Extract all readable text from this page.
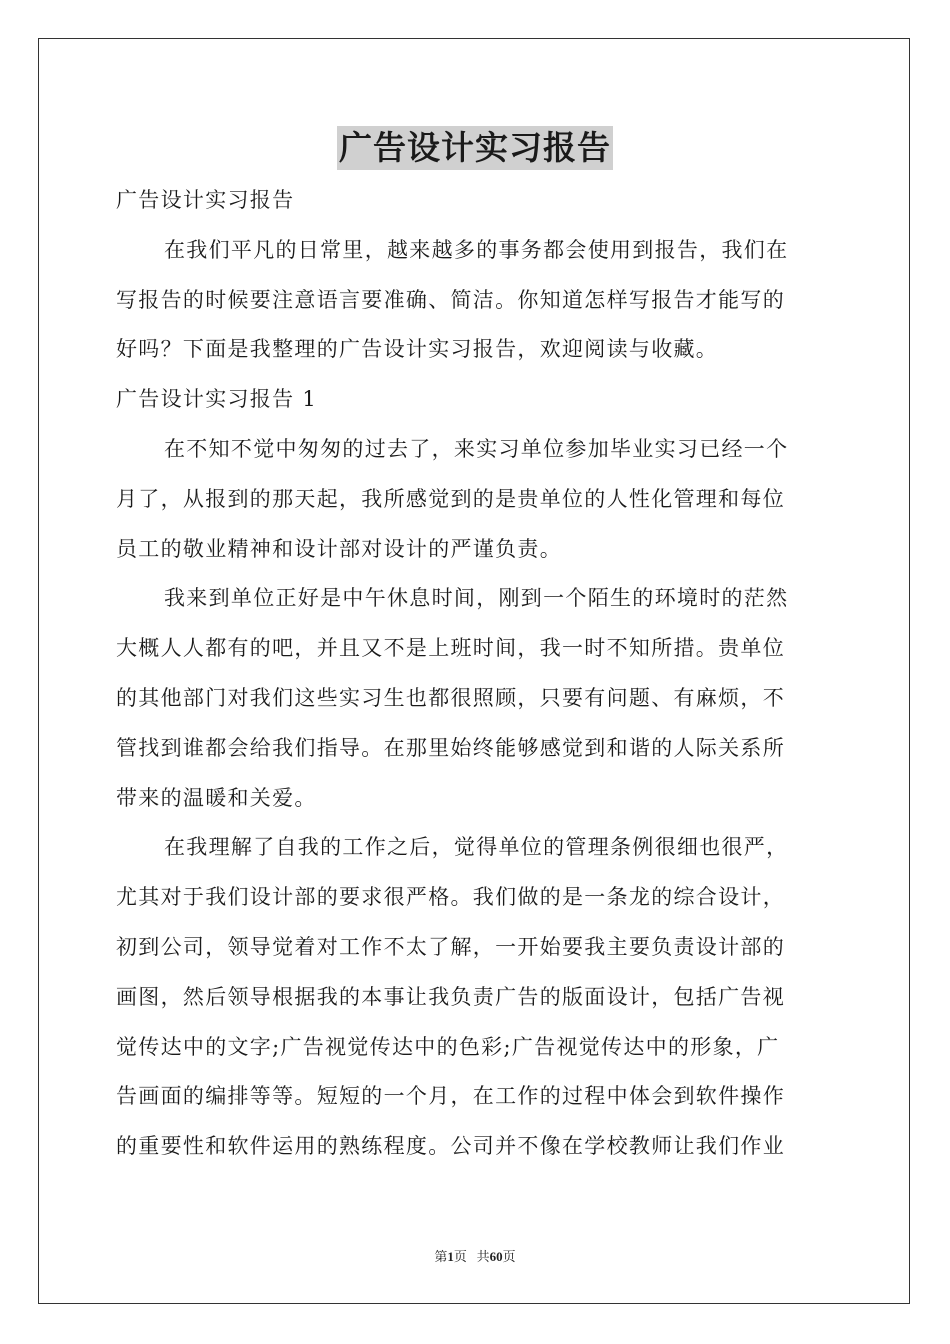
广告设计实习报告
广告设计实习报告
在我们平凡的日常里，越来越多的事务都会使用到报告，我们在
写报告的时候要注意语言要准确、简洁。你知道怎样写报告才能写的
好吗？下面是我整理的广告设计实习报告，欢迎阅读与收藏。
广告设计实习报告 1
在不知不觉中匆匆的过去了，来实习单位参加毕业实习已经一个
月了，从报到的那天起，我所感觉到的是贵单位的人性化管理和每位
员工的敬业精神和设计部对设计的严谨负责。
我来到单位正好是中午休息时间，刚到一个陌生的环境时的茫然
大概人人都有的吧，并且又不是上班时间，我一时不知所措。贵单位
的其他部门对我们这些实习生也都很照顾，只要有问题、有麻烦，不
管找到谁都会给我们指导。在那里始终能够感觉到和谐的人际关系所
带来的温暖和关爱。
在我理解了自我的工作之后，觉得单位的管理条例很细也很严，
尤其对于我们设计部的要求很严格。我们做的是一条龙的综合设计，
初到公司，领导觉着对工作不太了解，一开始要我主要负责设计部的
画图，然后领导根据我的本事让我负责广告的版面设计，包括广告视
觉传达中的文字;广告视觉传达中的色彩;广告视觉传达中的形象，广
告画面的编排等等。短短的一个月，在工作的过程中体会到软件操作
的重要性和软件运用的熟练程度。公司并不像在学校教师让我们作业
第1页 共60页
